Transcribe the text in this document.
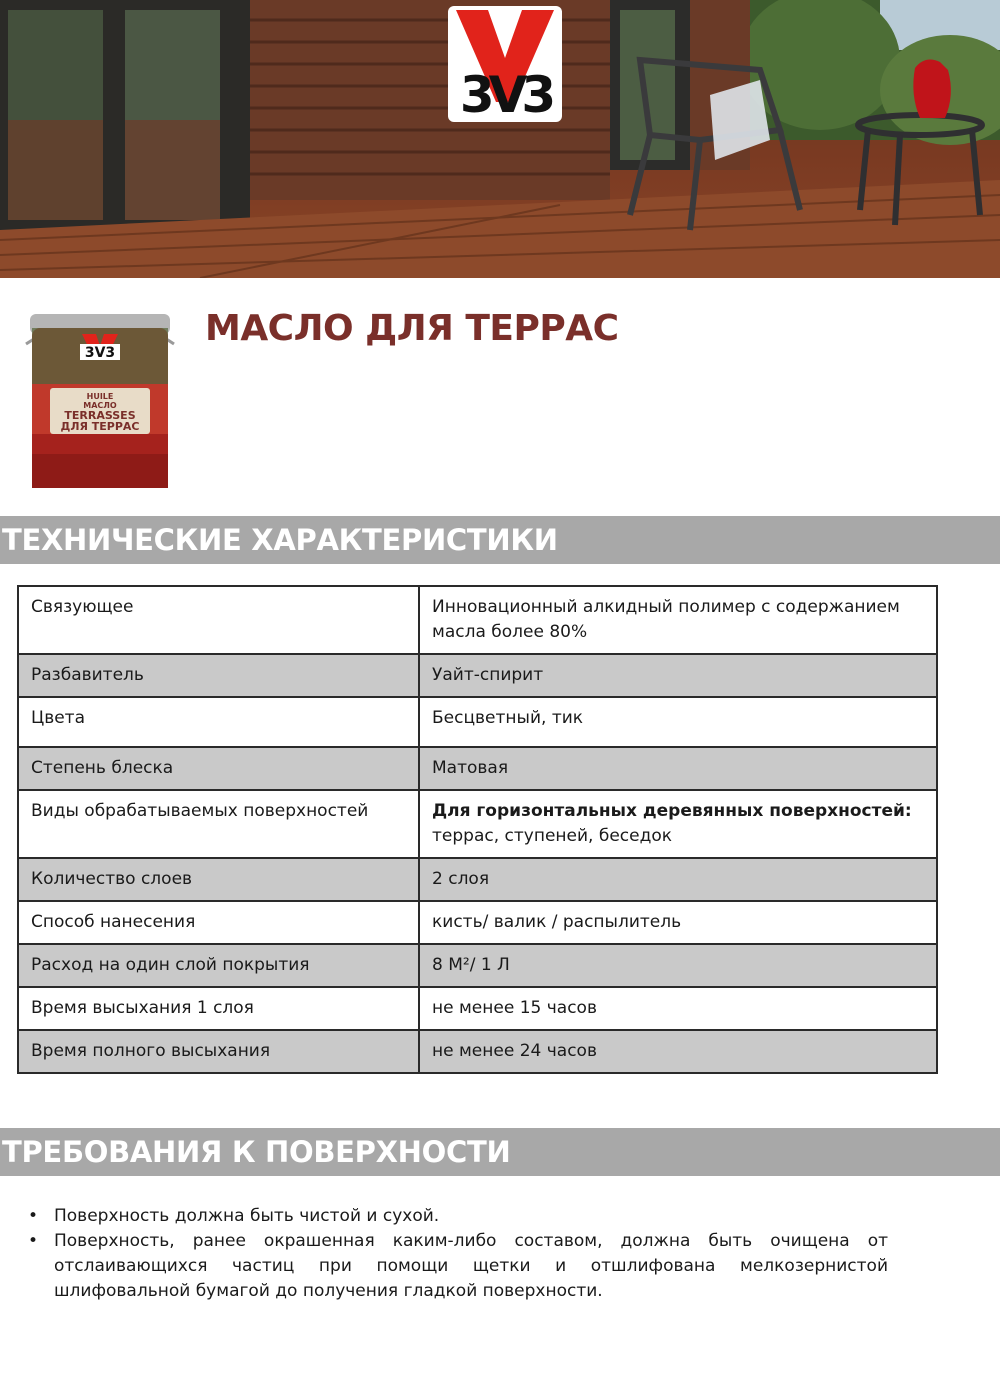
3V3
3V3
HUILE
МАСЛО
TERRASSES
ДЛЯ ТЕРРАС
МАСЛО ДЛЯ ТЕРРАС
ТЕХНИЧЕСКИЕ ХАРАКТЕРИСТИКИ
Связующее	Инновационный алкидный полимер с содержанием масла более 80%
Разбавитель	Уайт-спирит
Цвета	Бесцветный, тик
Степень блеска	Матовая
Виды обрабатываемых поверхностей	Для горизонтальных деревянных поверхностей:
террас, ступеней, беседок
Количество слоев	2 слоя
Способ нанесения	кисть/ валик / распылитель
Расход на один слой покрытия	8 М²/ 1 Л
Время высыхания 1 слоя	не менее 15 часов
Время полного высыхания	не менее 24 часов
ТРЕБОВАНИЯ К ПОВЕРХНОСТИ
• Поверхность должна быть чистой и сухой.
• Поверхность, ранее окрашенная каким-либо составом, должна быть очищена от отслаивающихся частиц при помощи щетки и отшлифована мелкозернистой шлифовальной бумагой до получения гладкой поверхности.
